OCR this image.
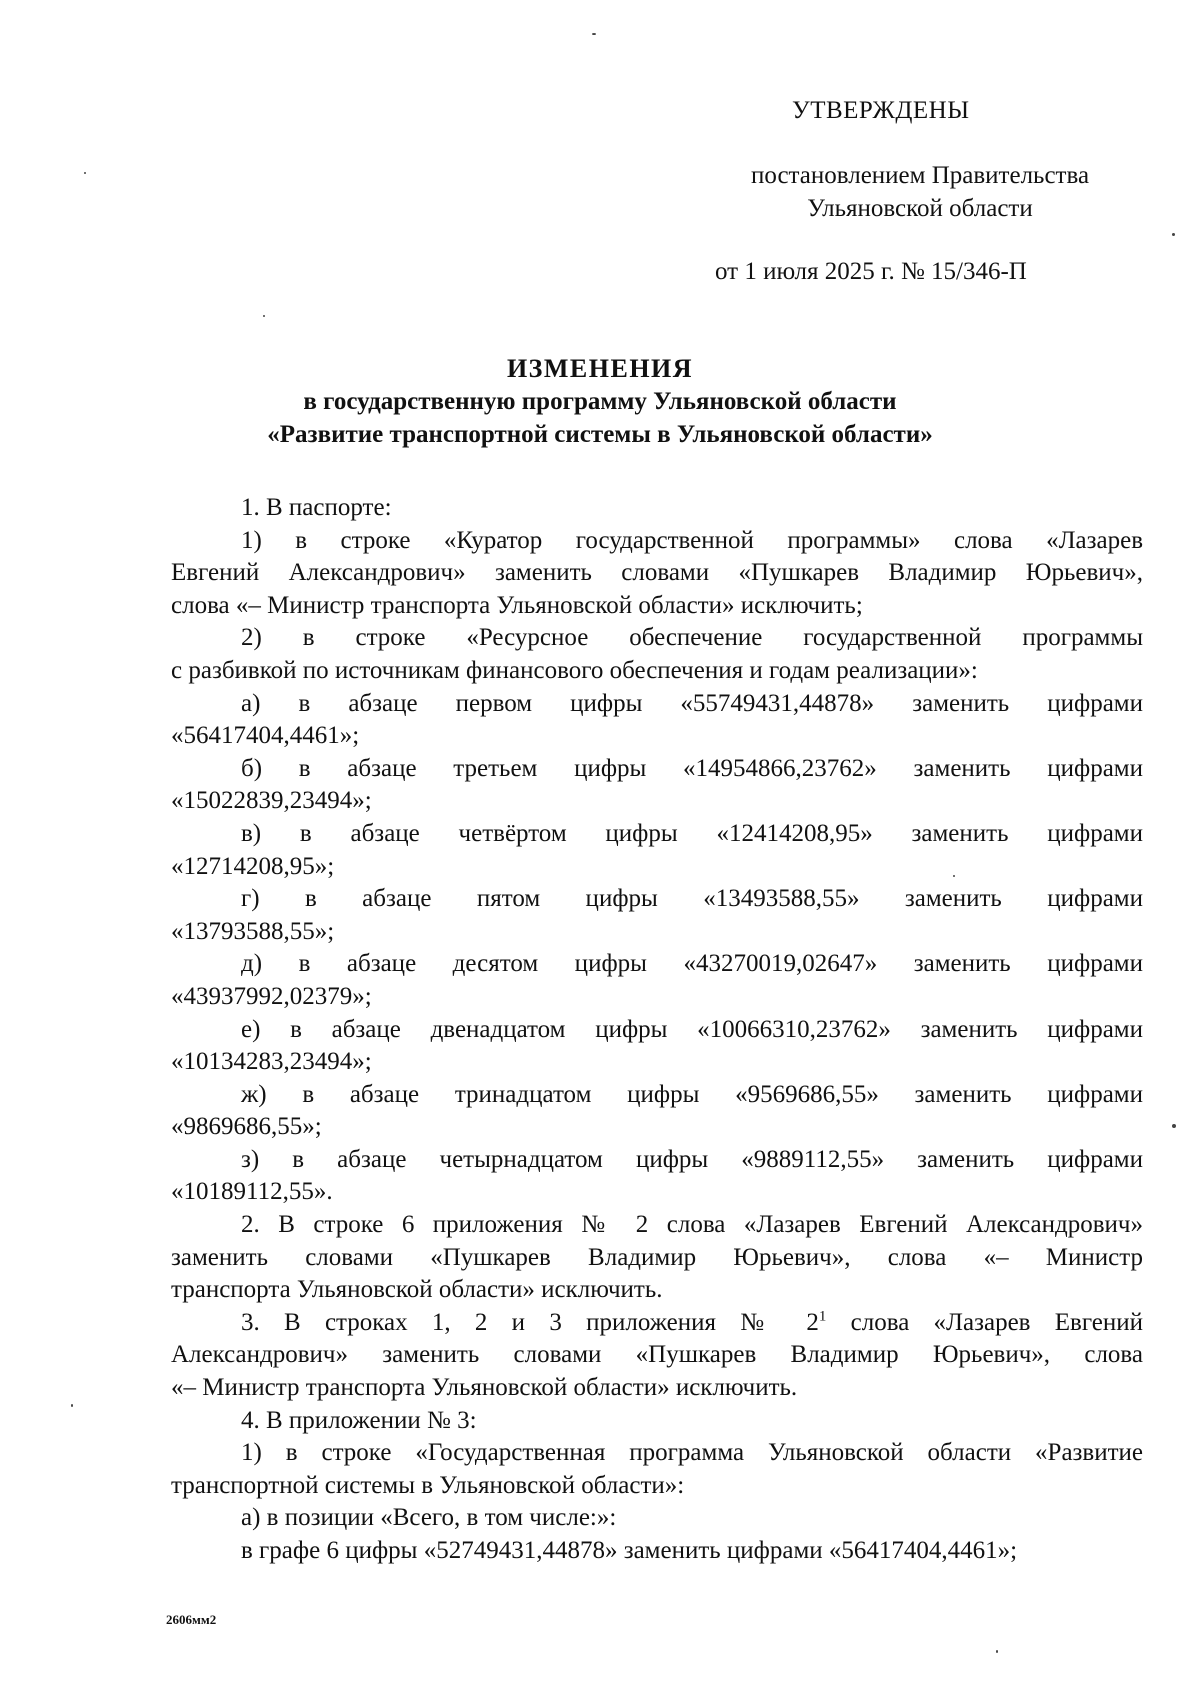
УТВЕРЖДЕНЫ
постановлением Правительства
Ульяновской области
от 1 июля 2025 г. № 15/346-П
ИЗМЕНЕНИЯ
в государственную программу Ульяновской области
«Развитие транспортной системы в Ульяновской области»
1. В паспорте:
1) в строке «Куратор государственной программы» слова «Лазарев
Евгений Александрович» заменить словами «Пушкарев Владимир Юрьевич»,
слова «– Министр транспорта Ульяновской области» исключить;
2) в строке «Ресурсное обеспечение государственной программы
с разбивкой по источникам финансового обеспечения и годам реализации»:
а) в абзаце первом цифры «55749431,44878» заменить цифрами
«56417404,4461»;
б) в абзаце третьем цифры «14954866,23762» заменить цифрами
«15022839,23494»;
в) в абзаце четвёртом цифры «12414208,95» заменить цифрами
«12714208,95»;
г) в абзаце пятом цифры «13493588,55» заменить цифрами
«13793588,55»;
д) в абзаце десятом цифры «43270019,02647» заменить цифрами
«43937992,02379»;
е) в абзаце двенадцатом цифры «10066310,23762» заменить цифрами
«10134283,23494»;
ж) в абзаце тринадцатом цифры «9569686,55» заменить цифрами
«9869686,55»;
з) в абзаце четырнадцатом цифры «9889112,55» заменить цифрами
«10189112,55».
2. В строке 6 приложения № 2 слова «Лазарев Евгений Александрович»
заменить словами «Пушкарев Владимир Юрьевич», слова «– Министр
транспорта Ульяновской области» исключить.
3. В строках 1, 2 и 3 приложения № $2^1$ слова «Лазарев Евгений
Александрович» заменить словами «Пушкарев Владимир Юрьевич», слова
«– Министр транспорта Ульяновской области» исключить.
4. В приложении № 3:
1) в строке «Государственная программа Ульяновской области «Развитие
транспортной системы в Ульяновской области»:
а) в позиции «Всего, в том числе:»:
в графе 6 цифры «52749431,44878» заменить цифрами «56417404,4461»;
2606мм2
